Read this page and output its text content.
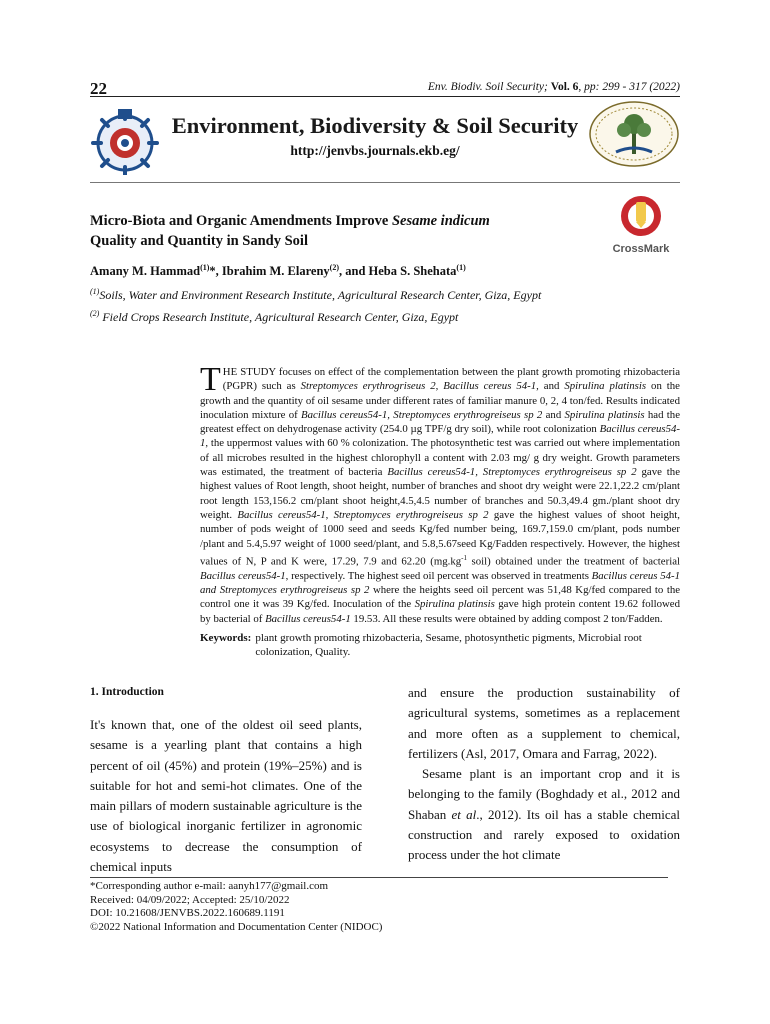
22	Env. Biodiv. Soil Security; Vol. 6, pp: 299 - 317 (2022)
Environment, Biodiversity & Soil Security
http://jenvbs.journals.ekb.eg/
Micro-Biota and Organic Amendments Improve Sesame indicum
Quality and Quantity in Sandy Soil	CrossMark
Amany M. Hammad$^{(1)}$*, Ibrahim M. Elareny$^{(2)}$, and Heba S. Shehata$^{(1)}$
$^{(1)}$Soils, Water and Environment Research Institute, Agricultural Research Center, Giza, Egypt
$^{(2)}$ Field Crops Research Institute, Agricultural Research Center, Giza, Egypt
THE STUDY focuses on effect of the complementation between the plant growth promoting rhizobacteria (PGPR) such as Streptomyces erythrogriseus 2, Bacillus cereus 54-1, and Spirulina platinsis on the growth and the quantity of oil sesame under different rates of familiar manure 0, 2, 4 ton/fed. Results indicated inoculation mixture of Bacillus cereus54-1, Streptomyces erythrogreiseus sp 2 and Spirulina platinsis had the greatest effect on dehydrogenase activity (254.0 µg TPF/g dry soil), while root colonization Bacillus cereus54-1, the uppermost values with 60 % colonization. The photosynthetic test was carried out where implementation of all microbes resulted in the highest chlorophyll a content with 2.03 mg/ g dry weight. Growth parameters was estimated, the treatment of bacteria Bacillus cereus54-1, Streptomyces erythrogreiseus sp 2 gave the highest values of Root length, shoot height, number of branches and shoot dry weight were 22.1,22.2 cm/plant root length 153,156.2 cm/plant shoot height,4.5,4.5 number of branches and 50.3,49.4 gm./plant shoot dry weight. Bacillus cereus54-1, Streptomyces erythrogreiseus sp 2 gave the highest values of shoot height, number of pods weight of 1000 seed and seeds Kg/fed number being, 169.7,159.0 cm/plant, pods number /plant and 5.4,5.97 weight of 1000 seed/plant, and 5.8,5.67seed Kg/Fadden respectively. However, the highest values of N, P and K were, 17.29, 7.9 and 62.20 ($mg.kg^{-1}$ soil) obtained under the treatment of bacterial Bacillus cereus54-1, respectively. The highest seed oil percent was observed in treatments Bacillus cereus 54-1 and Streptomyces erythrogreiseus sp 2 where the heights seed oil percent was 51,48 Kg/fed compared to the control one it was 39 Kg/fed. Inoculation of the Spirulina platinsis gave high protein content 19.62 followed by bacterial of Bacillus cereus54-1 19.53. All these results were obtained by adding compost 2 ton/Fadden.
Keywords: plant growth promoting rhizobacteria, Sesame, photosynthetic pigments, Microbial root colonization, Quality.
1. Introduction
It's known that, one of the oldest oil seed plants, sesame is a yearling plant that contains a high percent of oil (45%) and protein (19%–25%) and is suitable for hot and semi-hot climates. One of the main pillars of modern sustainable agriculture is the use of biological inorganic fertilizer in agronomic ecosystems to decrease the consumption of chemical inputs
and ensure the production sustainability of agricultural systems, sometimes as a replacement and more often as a supplement to chemical, fertilizers (Asl, 2017, Omara and Farrag, 2022).
Sesame plant is an important crop and it is belonging to the family (Boghdady et al., 2012 and Shaban et al., 2012). Its oil has a stable chemical construction and rarely exposed to oxidation process under the hot climate
*Corresponding author e-mail: aanyh177@gmail.com
Received: 04/09/2022; Accepted: 25/10/2022
DOI: 10.21608/JENVBS.2022.160689.1191
©2022 National Information and Documentation Center (NIDOC)
